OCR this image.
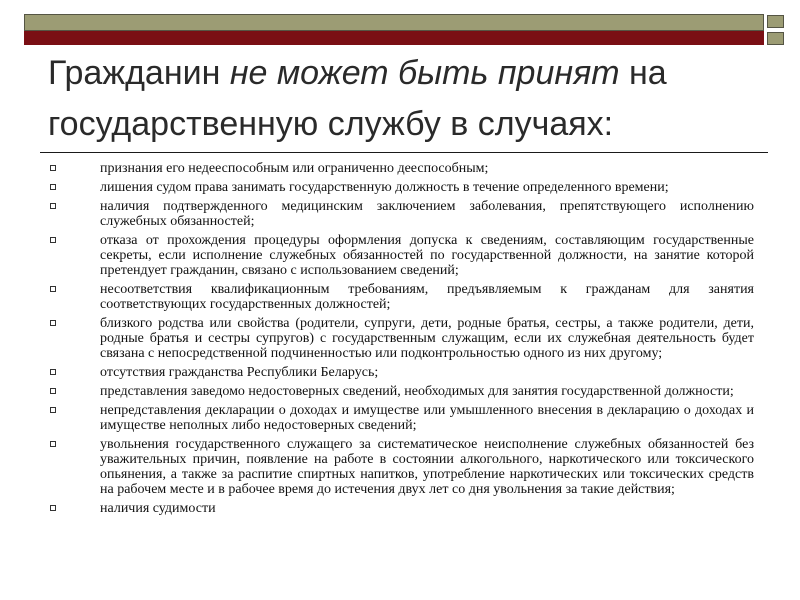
Гражданин не может быть принят на государственную службу в случаях:
признания его недееспособным или ограниченно дееспособным;
лишения судом права занимать государственную должность в течение определенного времени;
наличия подтвержденного медицинским заключением заболевания, препятствующего исполнению служебных обязанностей;
отказа от прохождения процедуры оформления допуска к сведениям, составляющим государственные секреты, если исполнение служебных обязанностей по государственной должности, на занятие которой претендует гражданин, связано с использованием сведений;
несоответствия квалификационным требованиям, предъявляемым к гражданам для занятия соответствующих государственных должностей;
близкого родства или свойства (родители, супруги, дети, родные братья, сестры, а также родители, дети, родные братья и сестры супругов) с государственным служащим, если их служебная деятельность будет связана с непосредственной подчиненностью или подконтрольностью одного из них другому;
отсутствия гражданства Республики Беларусь;
представления заведомо недостоверных сведений, необходимых для занятия государственной должности;
непредставления декларации о доходах и имуществе или умышленного внесения в декларацию о доходах и имуществе неполных либо недостоверных сведений;
увольнения государственного служащего за систематическое неисполнение служебных обязанностей без уважительных причин, появление на работе в состоянии алкогольного, наркотического или токсического опьянения, а также за распитие спиртных напитков, употребление наркотических или токсических средств на рабочем месте и в рабочее время до истечения двух лет со дня увольнения за такие действия;
наличия судимости
